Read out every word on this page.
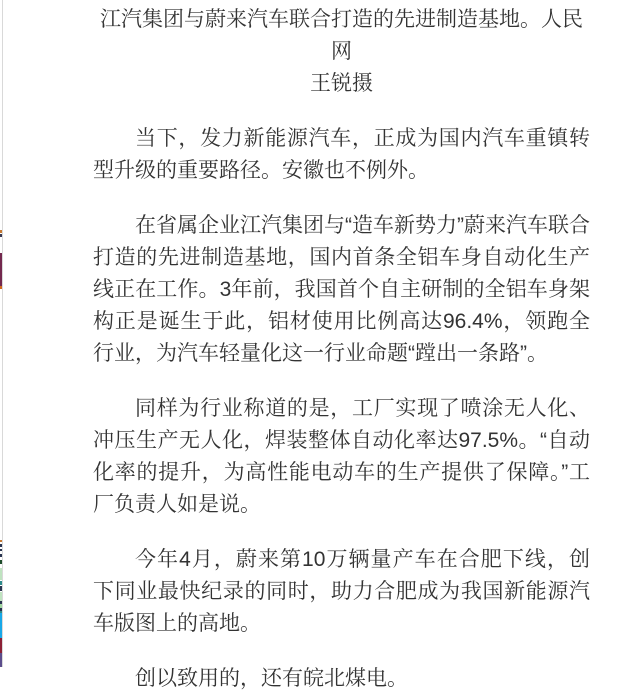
江汽集团与蔚来汽车联合打造的先进制造基地。人民网
王锐摄

当下，发力新能源汽车，正成为国内汽车重镇转型升级的重要路径。安徽也不例外。

在省属企业江汽集团与“造车新势力”蔚来汽车联合打造的先进制造基地，国内首条全铝车身自动化生产线正在工作。3年前，我国首个自主研制的全铝车身架构正是诞生于此，铝材使用比例高达96.4%，领跑全行业，为汽车轻量化这一行业命题“蹚出一条路”。

同样为行业称道的是，工厂实现了喷涂无人化、冲压生产无人化，焊装整体自动化率达97.5%。“自动化率的提升，为高性能电动车的生产提供了保障。”工厂负责人如是说。

今年4月，蔚来第10万辆量产车在合肥下线，创下同业最快纪录的同时，助力合肥成为我国新能源汽车版图上的高地。

创以致用的，还有皖北煤电。
